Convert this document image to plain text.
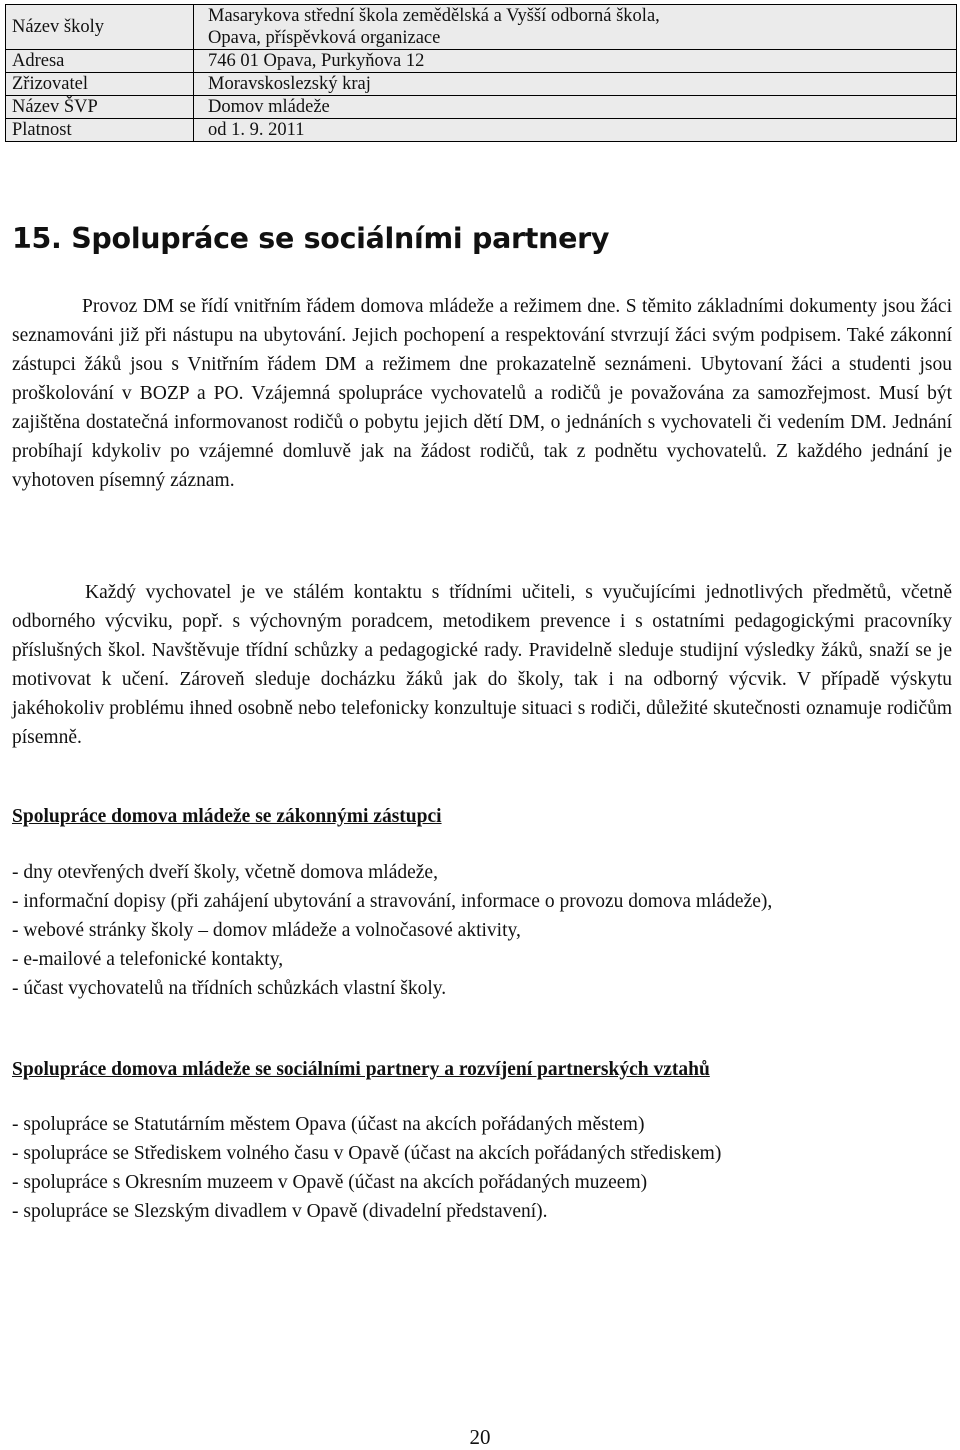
Název školy	Masarykova střední škola zemědělská a Vyšší odborná škola,
Opava, příspěvková organizace

Adresa	746 01 Opava, Purkyňova 12
Zřizovatel	Moravskoslezský kraj
Název ŠVP	Domov mládeže
Platnost	od 1. 9. 2011
15. Spolupráce se sociálními partnery

Provoz DM se řídí vnitřním řádem domova mládeže a režimem dne. S těmito základními dokumenty jsou žáci seznamováni již při nástupu na ubytování. Jejich pochopení a respektování stvrzují žáci svým podpisem. Také zákonní zástupci žáků jsou s Vnitřním řádem DM a režimem dne prokazatelně seznámeni. Ubytovaní žáci a studenti jsou proškolování v BOZP a PO. Vzájemná spolupráce vychovatelů a rodičů je považována za samozřejmost. Musí být zajištěna dostatečná informovanost rodičů o pobytu jejich dětí DM, o jednáních s vychovateli či vedením DM. Jednání probíhají kdykoliv po vzájemné domluvě jak na žádost rodičů, tak z podnětu vychovatelů. Z každého jednání je vyhotoven písemný záznam.

Každý vychovatel je ve stálém kontaktu s třídními učiteli, s vyučujícími jednotlivých předmětů, včetně odborného výcviku, popř. s výchovným poradcem, metodikem prevence i s ostatními pedagogickými pracovníky příslušných škol. Navštěvuje třídní schůzky a pedagogické rady. Pravidelně sleduje studijní výsledky žáků, snaží se je motivovat k učení. Zároveň sleduje docházku žáků jak do školy, tak i na odborný výcvik. V případě výskytu jakéhokoliv problému ihned osobně nebo telefonicky konzultuje situaci s rodiči, důležité skutečnosti oznamuje rodičům písemně.

Spolupráce domova mládeže se zákonnými zástupci
- dny otevřených dveří školy, včetně domova mládeže,
- informační dopisy (při zahájení ubytování a stravování, informace o provozu domova mládeže),
- webové stránky školy – domov mládeže a volnočasové aktivity,
- e-mailové a telefonické kontakty,
- účast vychovatelů na třídních schůzkách vlastní školy.
Spolupráce domova mládeže se sociálními partnery a rozvíjení partnerských vztahů
- spolupráce se Statutárním městem Opava (účast na akcích pořádaných městem)
- spolupráce se Střediskem volného času v Opavě (účast na akcích pořádaných střediskem)
- spolupráce s Okresním muzeem v Opavě (účast na akcích pořádaných muzeem)
- spolupráce se Slezským divadlem v Opavě (divadelní představení).
20
